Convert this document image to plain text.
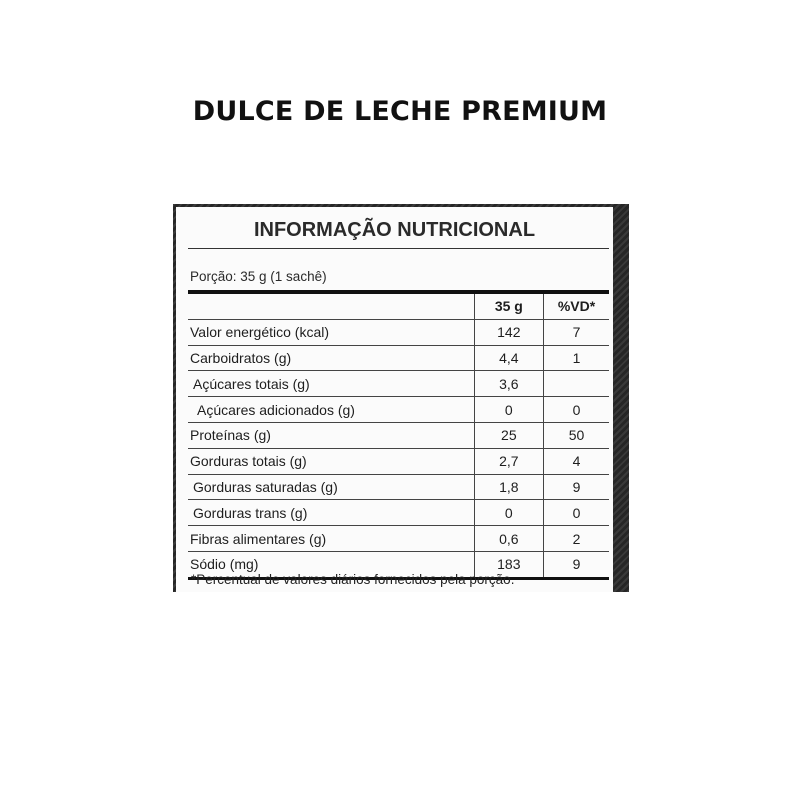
DULCE DE LECHE PREMIUM
INFORMAÇÃO NUTRICIONAL
Porção: 35 g (1 sachê)
	35 g	%VD*
Valor energético (kcal)	142	7
Carboidratos (g)	4,4	1
Açúcares totais (g)	3,6	
Açúcares adicionados (g)	0	0
Proteínas (g)	25	50
Gorduras totais (g)	2,7	4
Gorduras saturadas (g)	1,8	9
Gorduras trans (g)	0	0
Fibras alimentares (g)	0,6	2
Sódio (mg)	183	9
*Percentual de valores diários fornecidos pela porção.
